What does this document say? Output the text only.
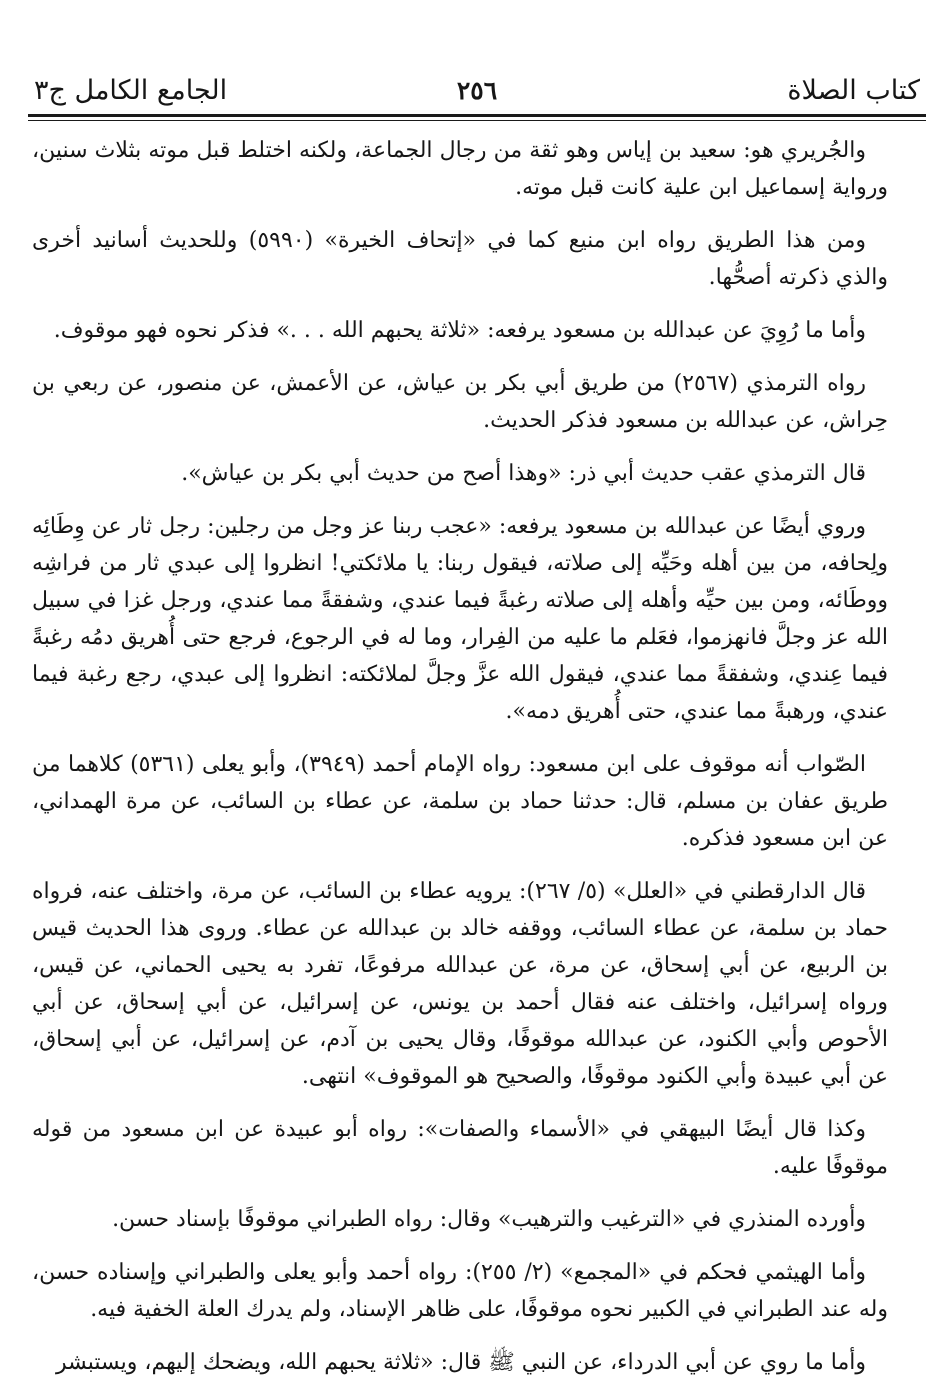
كتاب الصلاة
٢٥٦
الجامع الكامل ج٣

والجُريري هو: سعيد بن إياس وهو ثقة من رجال الجماعة، ولكنه اختلط قبل موته بثلاث سنين، ورواية إسماعيل ابن علية كانت قبل موته.

ومن هذا الطريق رواه ابن منيع كما في «إتحاف الخيرة» (٥٩٩٠) وللحديث أسانيد أخرى والذي ذكرته أصحُّها.

وأما ما رُوِيَ عن عبدالله بن مسعود يرفعه: «ثلاثة يحبهم الله . . .» فذكر نحوه فهو موقوف.

رواه الترمذي (٢٥٦٧) من طريق أبي بكر بن عياش، عن الأعمش، عن منصور، عن ربعي بن حِراش، عن عبدالله بن مسعود فذكر الحديث.

قال الترمذي عقب حديث أبي ذر: «وهذا أصح من حديث أبي بكر بن عياش».

وروي أيضًا عن عبدالله بن مسعود يرفعه: «عجب ربنا عز وجل من رجلين: رجل ثار عن وِطَائِه ولِحافه، من بين أهله وحَيِّه إلى صلاته، فيقول ربنا: يا ملائكتي! انظروا إلى عبدي ثار من فراشِه ووطَائه، ومن بين حيِّه وأهله إلى صلاته رغبةً فيما عندي، وشفقةً مما عندي، ورجل غزا في سبيل الله عز وجلَّ فانهزموا، فعَلم ما عليه من الفِرار، وما له في الرجوع، فرجع حتى أُهريق دمُه رغبةً فيما عِندي، وشفقةً مما عندي، فيقول الله عزَّ وجلَّ لملائكته: انظروا إلى عبدي، رجع رغبة فيما عندي، ورهبةً مما عندي، حتى أُهريق دمه».

الصّواب أنه موقوف على ابن مسعود: رواه الإمام أحمد (٣٩٤٩)، وأبو يعلى (٥٣٦١) كلاهما من طريق عفان بن مسلم، قال: حدثنا حماد بن سلمة، عن عطاء بن السائب، عن مرة الهمداني، عن ابن مسعود فذكره.

قال الدارقطني في «العلل» (٥/ ٢٦٧): يرويه عطاء بن السائب، عن مرة، واختلف عنه، فرواه حماد بن سلمة، عن عطاء السائب، ووقفه خالد بن عبدالله عن عطاء. وروى هذا الحديث قيس بن الربيع، عن أبي إسحاق، عن مرة، عن عبدالله مرفوعًا، تفرد به يحيى الحماني، عن قيس، ورواه إسرائيل، واختلف عنه فقال أحمد بن يونس، عن إسرائيل، عن أبي إسحاق، عن أبي الأحوص وأبي الكنود، عن عبدالله موقوفًا، وقال يحيى بن آدم، عن إسرائيل، عن أبي إسحاق، عن أبي عبيدة وأبي الكنود موقوفًا، والصحيح هو الموقوف» انتهى.

وكذا قال أيضًا البيهقي في «الأسماء والصفات»: رواه أبو عبيدة عن ابن مسعود من قوله موقوفًا عليه.

وأورده المنذري في «الترغيب والترهيب» وقال: رواه الطبراني موقوفًا بإسناد حسن.

وأما الهيثمي فحكم في «المجمع» (٢/ ٢٥٥): رواه أحمد وأبو يعلى والطبراني وإسناده حسن، وله عند الطبراني في الكبير نحوه موقوفًا، على ظاهر الإسناد، ولم يدرك العلة الخفية فيه.

وأما ما روي عن أبي الدرداء، عن النبي ﷺ قال: «ثلاثة يحبهم الله، ويضحك إليهم، ويستبشر
